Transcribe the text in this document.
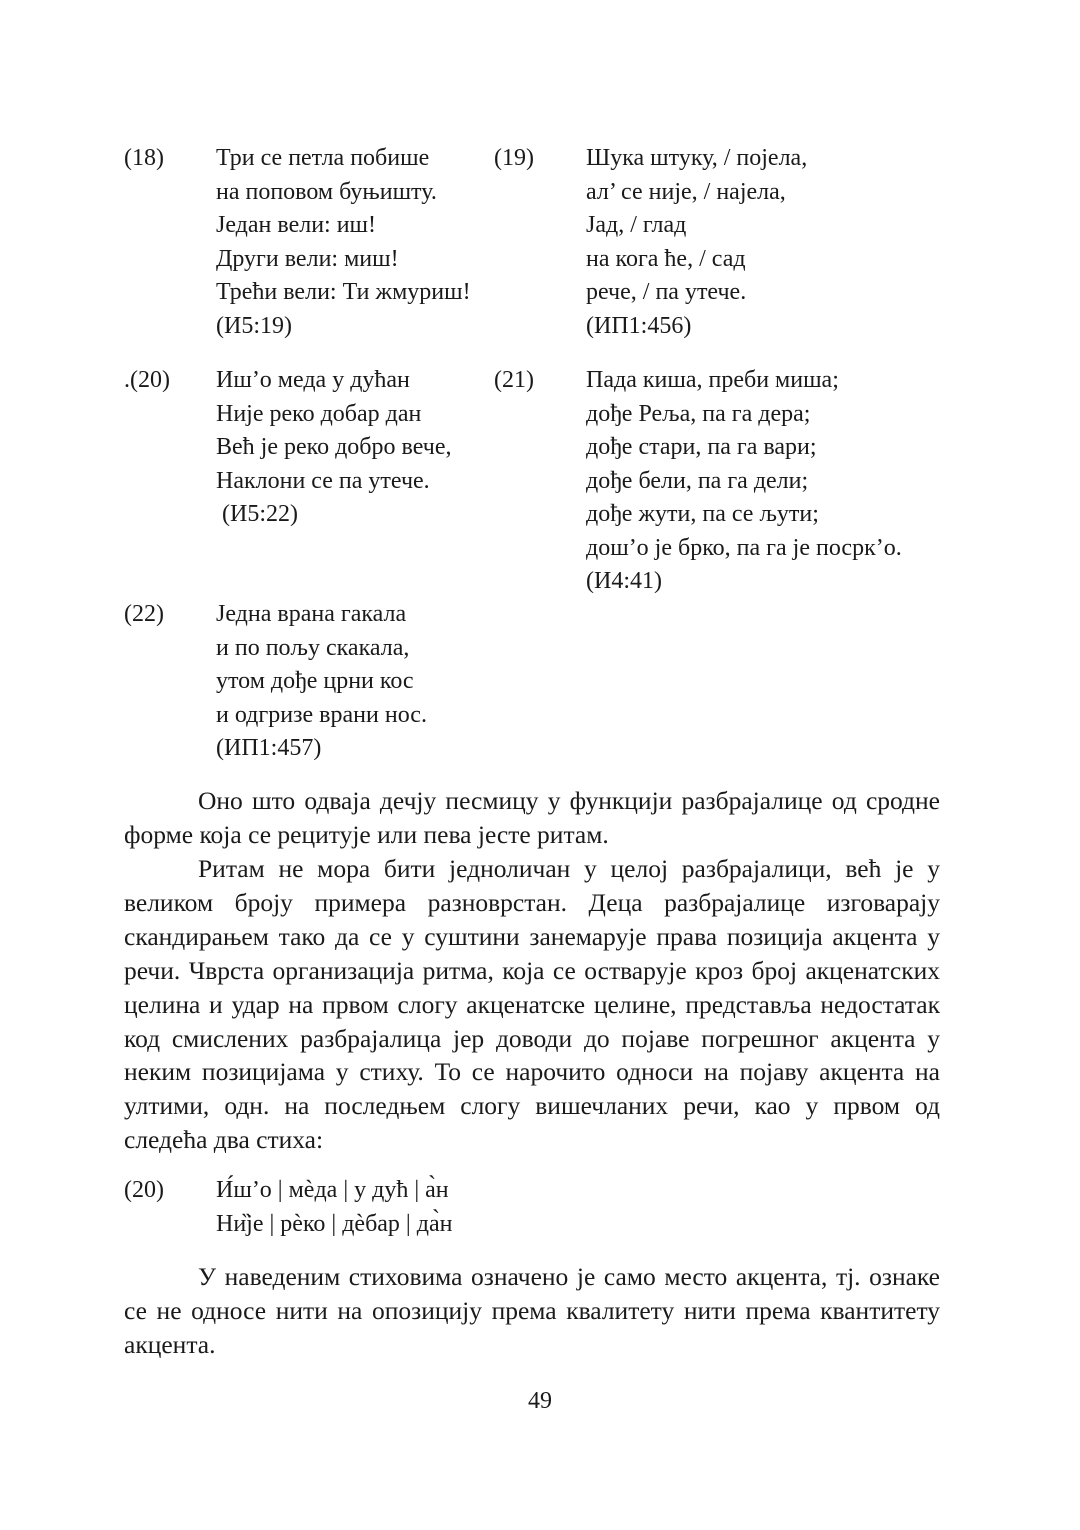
(18) Три се петла побише
на поповом буњишту.
Један вели: иш!
Други вели: миш!
Трећи вели: Ти жмуриш!
(И5:19)
(19) Шука штуку, / појела,
ал’ се није, / најела,
Јад, / глад
на кога ће, / сад
рече, / па утече.
(ИП1:456)
.(20) Иш’о меда у дућан
Није реко добар дан
Већ је реко добро вече,
Наклони се па утече.
(И5:22)
(21) Пада киша, преби миша;
дође Реља, па га дера;
дође стари, па га вари;
дође бели, па га дели;
дође жути, па се љути;
дош’о је брко, па га је посрк’о.
(И4:41)
(22) Једна врана гакала
и по пољу скакала,
утом дође црни кос
и одгризе врани нос.
(ИП1:457)

Оно што одваја дечју песмицу у функцији разбрајалице од сродне форме која се рецитује или пева јесте ритам.

Ритам не мора бити једноличан у целој разбрајалици, већ је у великом броју примера разноврстан. Деца разбрајалице изговарају скандирањем тако да се у суштини занемарује права позиција акцента у речи. Чврста организација ритма, која се остварује кроз број акценатских целина и удар на првом слогу акценатске целине, представља недостатак код смислених разбрајалица јер доводи до појаве погрешног акцента у неким позицијама у стиху. То се нарочито односи на појаву акцента на ултими, одн. на последњем слогу вишечланих речи, као у првом од следећа два стиха:

(20) И́ш’о | мѐда | у дућ | а̀н
Ни̏је | рѐко | дѐбар | да̀н

У наведеним стиховима означено је само место акцента, тј. ознаке се не односе нити на опозицију према квалитету нити према квантитету акцента.

49
